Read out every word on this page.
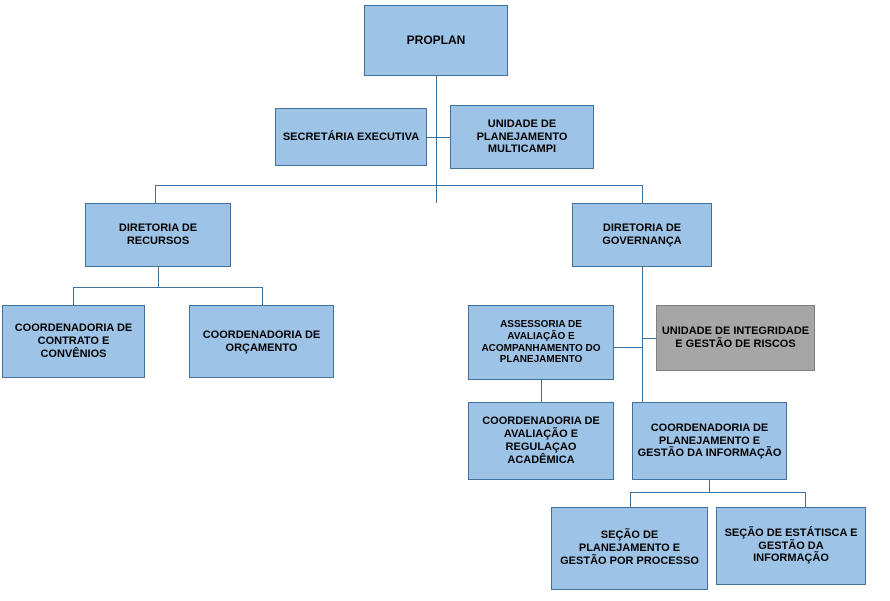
PROPLAN
SECRETÁRIA EXECUTIVA
UNIDADE DE PLANEJAMENTO MULTICAMPI
DIRETORIA DE RECURSOS
DIRETORIA DE GOVERNANÇA
COORDENADORIA DE CONTRATO E CONVÊNIOS
COORDENADORIA DE ORÇAMENTO
ASSESSORIA DE AVALIAÇÃO E ACOMPANHAMENTO DO PLANEJAMENTO
UNIDADE DE INTEGRIDADE E GESTÃO DE RISCOS
COORDENADORIA DE AVALIAÇÃO E REGULAÇAO ACADÊMICA
COORDENADORIA DE PLANEJAMENTO E GESTÃO DA INFORMAÇÃO
SEÇÃO DE PLANEJAMENTO E GESTÃO POR PROCESSO
SEÇÃO DE ESTÁTISCA E GESTÃO DA INFORMAÇÃO
